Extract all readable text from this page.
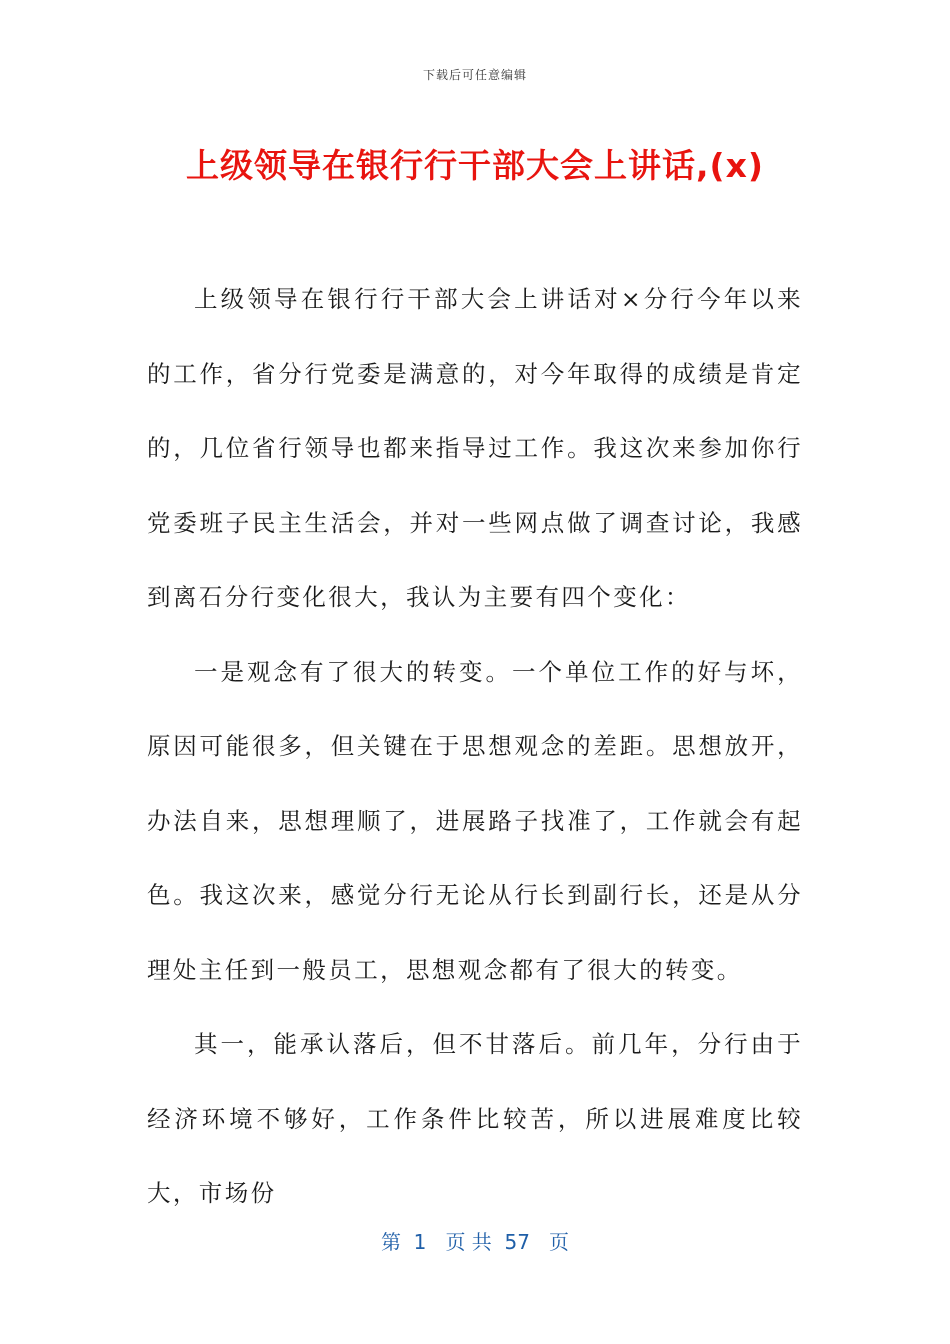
下载后可任意编辑
上级领导在银行行干部大会上讲话,(x)

上级领导在银行行干部大会上讲话对×分行今年以来的工作，省分行党委是满意的，对今年取得的成绩是肯定的，几位省行领导也都来指导过工作。我这次来参加你行党委班子民主生活会，并对一些网点做了调查讨论，我感到离石分行变化很大，我认为主要有四个变化：

一是观念有了很大的转变。一个单位工作的好与坏，原因可能很多，但关键在于思想观念的差距。思想放开，办法自来，思想理顺了，进展路子找准了，工作就会有起色。我这次来，感觉分行无论从行长到副行长，还是从分理处主任到一般员工，思想观念都有了很大的转变。

其一，能承认落后，但不甘落后。前几年，分行由于经济环境不够好，工作条件比较苦，所以进展难度比较大，市场份

第  1   页 共  57   页
